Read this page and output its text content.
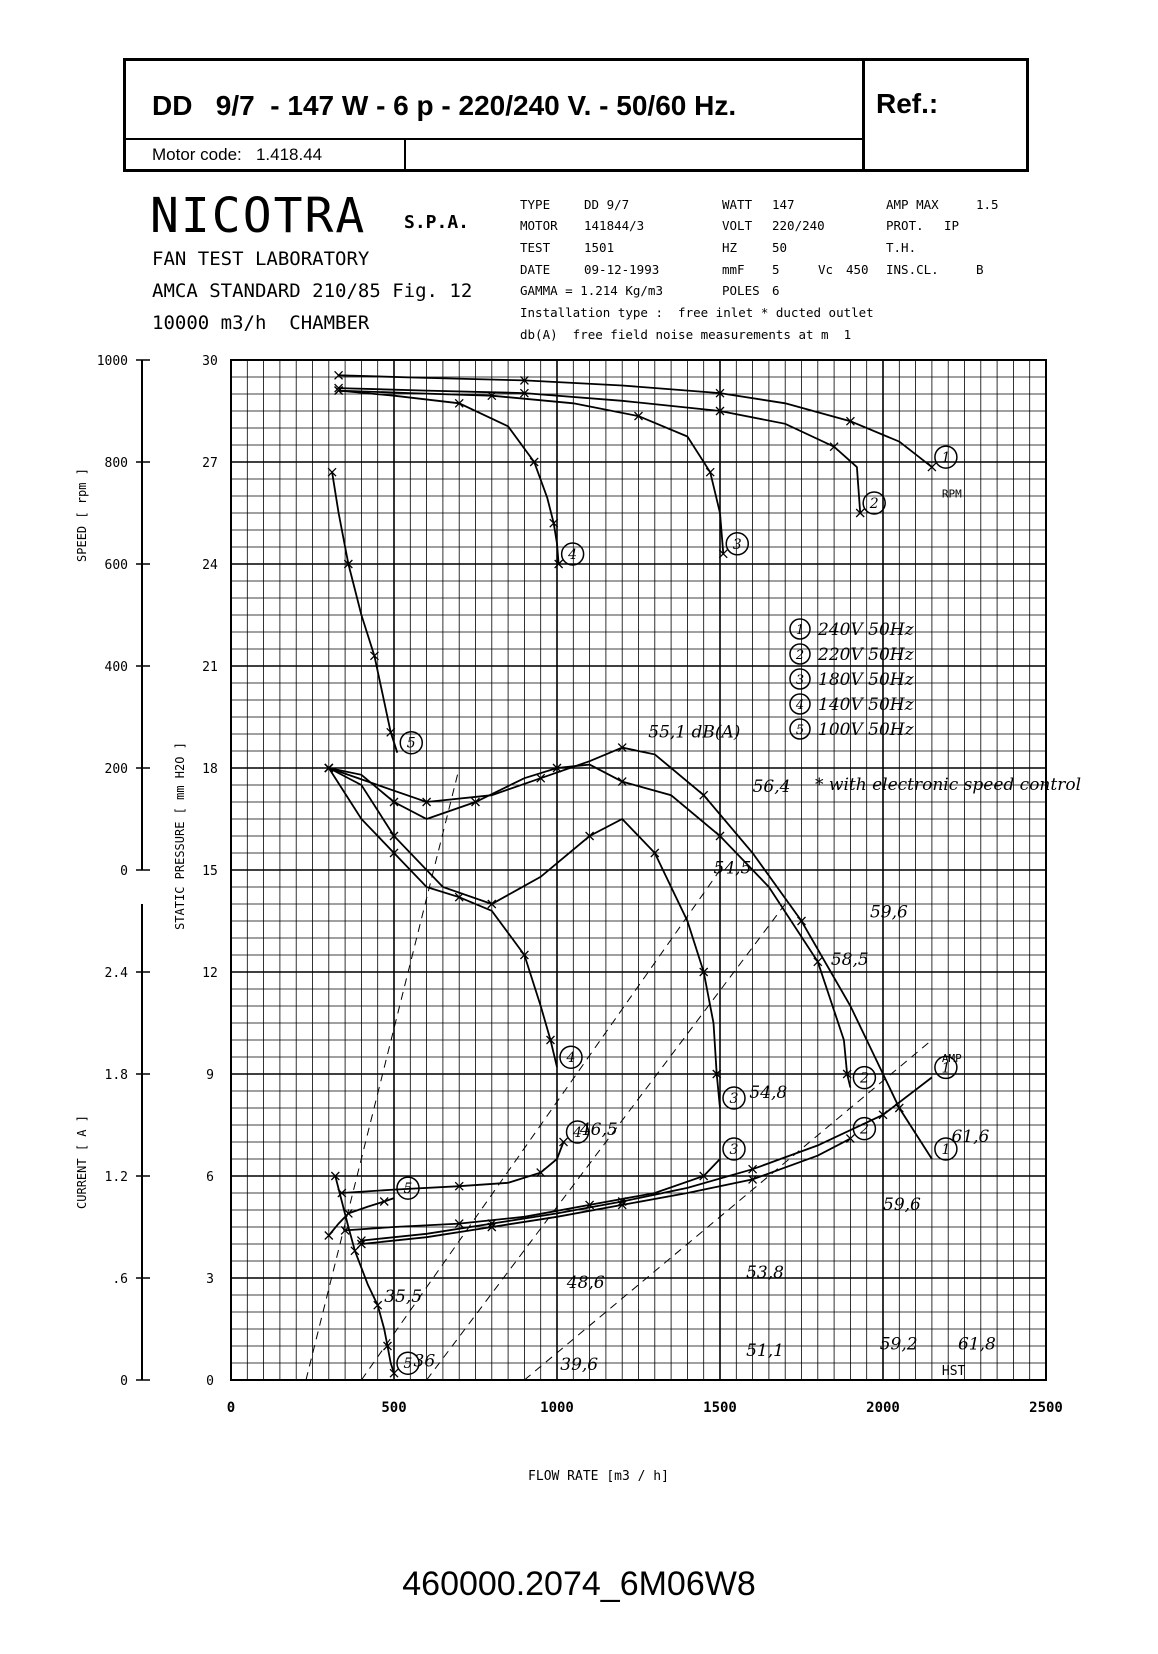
DD   9/7  - 147 W - 6 p - 220/240 V. - 50/60 Hz.	Ref.:
Motor code: 1.418.44
NICOTRA S.P.A.
FAN TEST LABORATORY
AMCA STANDARD 210/85 Fig. 12
10000 m3/h  CHAMBER
TYPE	DD 9/7
MOTOR 141844/3
TEST	1501
DATE	09-12-1993
GAMMA = 1.214 Kg/m3
WATT 147
VOLT 220/240
HZ	50
mmF 5	Vc 450
POLES 6
AMP MAX	1.5
PROT. IP
T.H.
INS.CL.	B
Installation type :  free inlet * ducted outlet
db(A)  free field noise measurements at m  1
0	500	1000	1500	2000	2500
0
3
6
9
12
15
18
21
24
27
30
0
200
400
600
800
1000
0
.6
1.2
1.8
2.4
SPEED [ rpm ]
CURRENT [ A ]
STATIC PRESSURE [ mm H2O ]
FLOW RATE [m3 / h]
RPM
AMP
HST
1
2
3
4
5
1
2
3
4
5
1
2
3
4
5
55,1 dB(A)
56,4
54,5
59,6
58,5
54,8
46,5	61,6
59,6
53,8
48,6
35,5
59,2 61,8
51,1
39,6
36
1 240V 50Hz
2 220V 50Hz
3 180V 50Hz
4 140V 50Hz
5 100V 50Hz
* with electronic speed control
460000.2074_6M06W8
